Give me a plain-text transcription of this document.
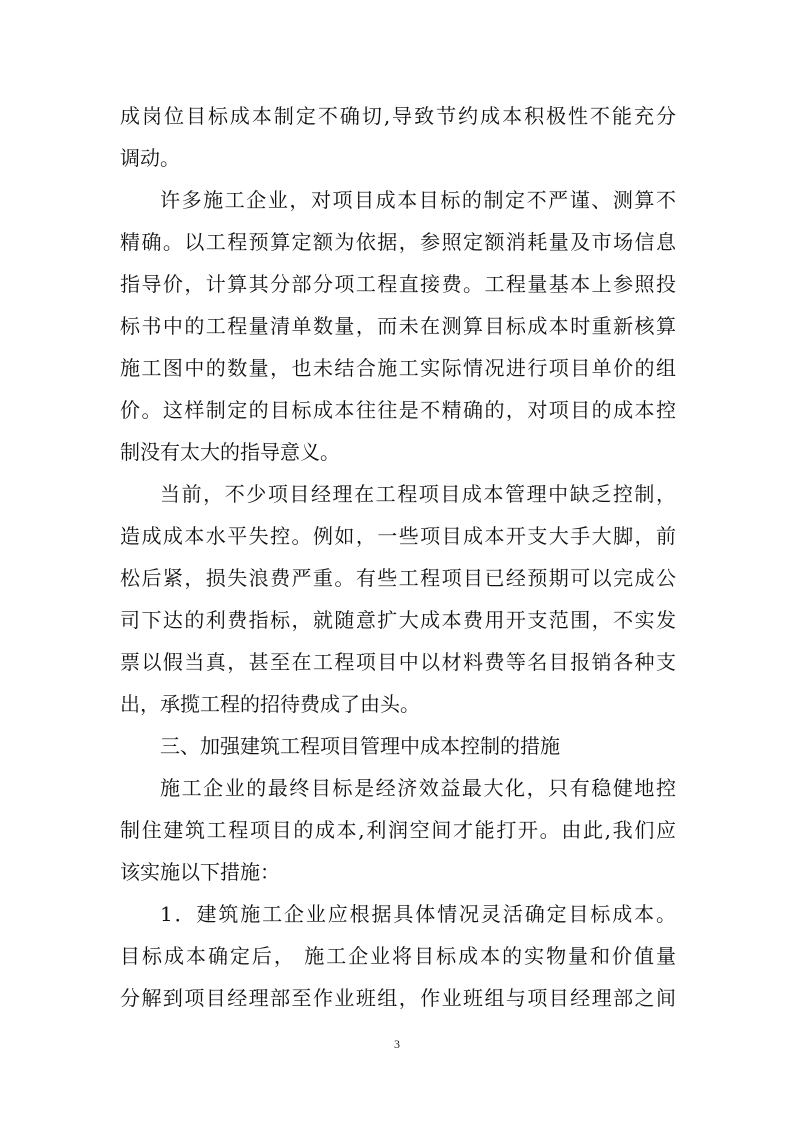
成岗位目标成本制定不确切,导致节约成本积极性不能充分
调动。
许多施工企业，对项目成本目标的制定不严谨、测算不
精确。以工程预算定额为依据，参照定额消耗量及市场信息
指导价，计算其分部分项工程直接费。工程量基本上参照投
标书中的工程量清单数量，而未在测算目标成本时重新核算
施工图中的数量，也未结合施工实际情况进行项目单价的组
价。这样制定的目标成本往往是不精确的，对项目的成本控
制没有太大的指导意义。
当前，不少项目经理在工程项目成本管理中缺乏控制，
造成成本水平失控。例如，一些项目成本开支大手大脚，前
松后紧，损失浪费严重。有些工程项目已经预期可以完成公
司下达的利费指标，就随意扩大成本费用开支范围，不实发
票以假当真，甚至在工程项目中以材料费等名目报销各种支
出，承揽工程的招待费成了由头。
三、加强建筑工程项目管理中成本控制的措施
施工企业的最终目标是经济效益最大化，只有稳健地控
制住建筑工程项目的成本,利润空间才能打开。由此,我们应
该实施以下措施：
1．建筑施工企业应根据具体情况灵活确定目标成本。
目标成本确定后， 施工企业将目标成本的实物量和价值量
分解到项目经理部至作业班组，作业班组与项目经理部之间
3
